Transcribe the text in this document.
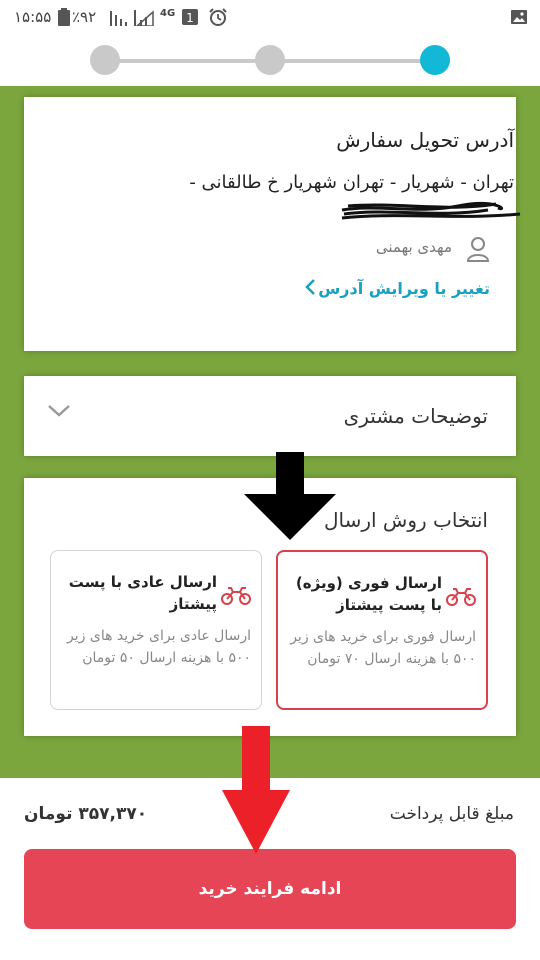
۱۵:۵۵ ٪۹۲	4G 1
آدرس تحویل سفارش
تهران - شهریار - تهران شهریار خ طالقانی -
مهدی بهمنی
تغییر یا ویرایش آدرس
توضیحات مشتری
انتخاب روش ارسال
ارسال فوری (ویژه) با پست پیشتاز
ارسال فوری برای خرید های زیر ۵۰۰ با هزینه ارسال ۷۰ تومان
ارسال عادی با پست پیشتاز
ارسال عادی برای خرید های زیر ۵۰۰ با هزینه ارسال ۵۰ تومان
مبلغ قابل پرداخت
۳۵۷,۳۷۰ تومان
ادامه فرایند خرید
